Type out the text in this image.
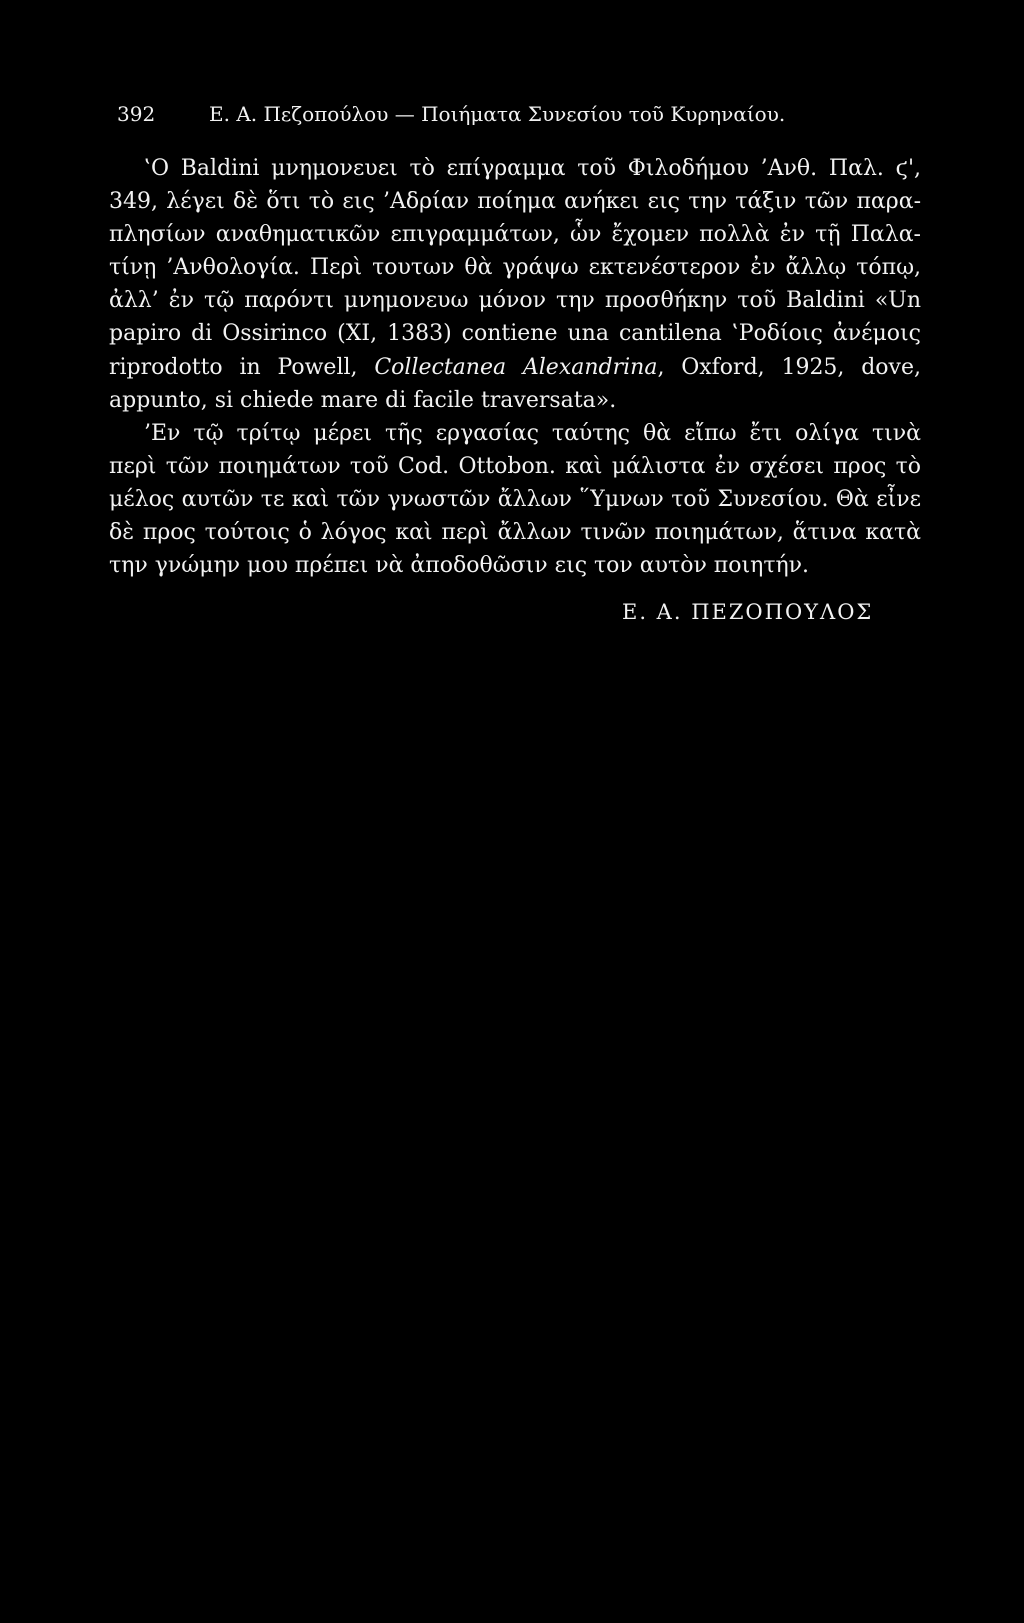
392	Ε. Α. Πεζοπούλου — Ποιήματα Συνεσίου τοῦ Κυρηναίου.
‛Ο Baldini μνημονευει τὸ επίγραμμα τοῦ Φιλοδήμου ’Ανθ. Παλ. ϛ',
349, λέγει δὲ ὅτι τὸ εις ’Αδρίαν ποίημα ανήκει εις την τάξιν τῶν παρα-
πλησίων αναθηματικῶν επιγραμμάτων, ὧν ἔχομεν πολλὰ ἐν τῇ Παλα-
τίνῃ ’Ανθολογία. Περὶ τουτων θὰ γράψω εκτενέστερον ἐν ἄλλῳ τόπῳ,
ἀλλ’ ἐν τῷ παρόντι μνημονευω μόνον την προσθήκην τοῦ Baldini «Un
papiro di Ossirinco (XI, 1383) contiene una cantilena ‛Ροδίοις ἀνέμοις
riprodotto in Powell, Collectanea Alexandrina, Oxford, 1925, dove,
appunto, si chiede mare di facile traversata».
’Εν τῷ τρίτῳ μέρει τῆς εργασίας ταύτης θὰ εἴπω ἔτι ολίγα τινὰ
περὶ τῶν ποιημάτων τοῦ Cod. Ottobon. καὶ μάλιστα ἐν σχέσει προς τὸ
μέλος αυτῶν τε καὶ τῶν γνωστῶν ἄλλων ῞Υμνων τοῦ Συνεσίου. Θὰ εἶνε
δὲ προς τούτοις ὁ λόγος καὶ περὶ ἄλλων τινῶν ποιημάτων, ἅτινα κατὰ
την γνώμην μου πρέπει νὰ ἀποδοθῶσιν εις τον αυτὸν ποιητήν.
Ε. Α. ΠΕΖΟΠΟΥΛΟΣ
